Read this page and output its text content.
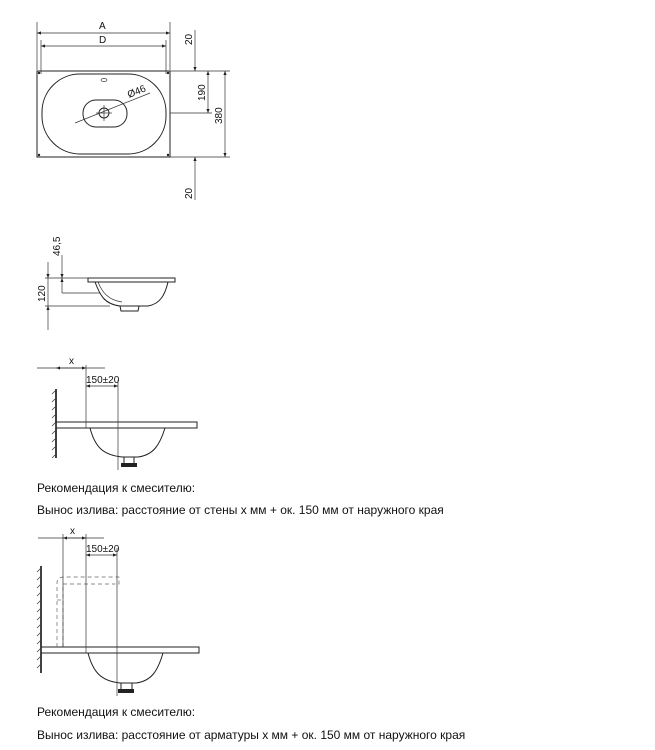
Ø46
A
D	20
190
380
20
46,5
120
x
150±20
x
150±20
Рекомендация к смесителю:
Вынос излива: расстояние от стены x мм + ок. 150 мм от наружного края
Рекомендация к смесителю:
Вынос излива: расстояние от арматуры x мм + ок. 150 мм от наружного края
